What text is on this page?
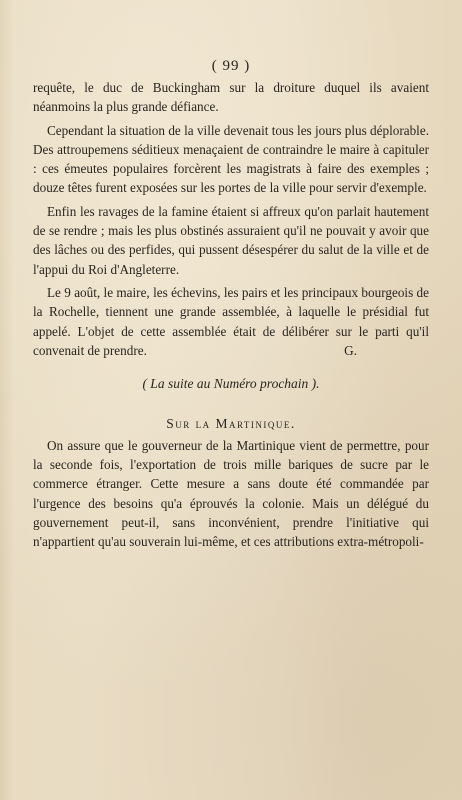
( 99 )

requête, le duc de Buckingham sur la droiture duquel ils avaient néanmoins la plus grande défiance.

Cependant la situation de la ville devenait tous les jours plus déplorable. Des attroupemens séditieux menaçaient de contraindre le maire à capituler : ces émeutes populaires forcèrent les magistrats à faire des exemples ; douze têtes furent exposées sur les portes de la ville pour servir d'exemple.

Enfin les ravages de la famine étaient si affreux qu'on parlait hautement de se rendre ; mais les plus obstinés assuraient qu'il ne pouvait y avoir que des lâches ou des perfides, qui pussent désespérer du salut de la ville et de l'appui du Roi d'Angleterre.

Le 9 août, le maire, les échevins, les pairs et les principaux bourgeois de la Rochelle, tiennent une grande assemblée, à laquelle le présidial fut appelé. L'objet de cette assemblée était de délibérer sur le parti qu'il convenait de prendre.	G.

( La suite au Numéro prochain ).
Sur la Martinique.

On assure que le gouverneur de la Martinique vient de permettre, pour la seconde fois, l'exportation de trois mille bariques de sucre par le commerce étranger. Cette mesure a sans doute été commandée par l'urgence des besoins qu'a éprouvés la colonie. Mais un délégué du gouvernement peut-il, sans inconvénient, prendre l'initiative qui n'appartient qu'au souverain lui-même, et ces attributions extra-métropoli-
